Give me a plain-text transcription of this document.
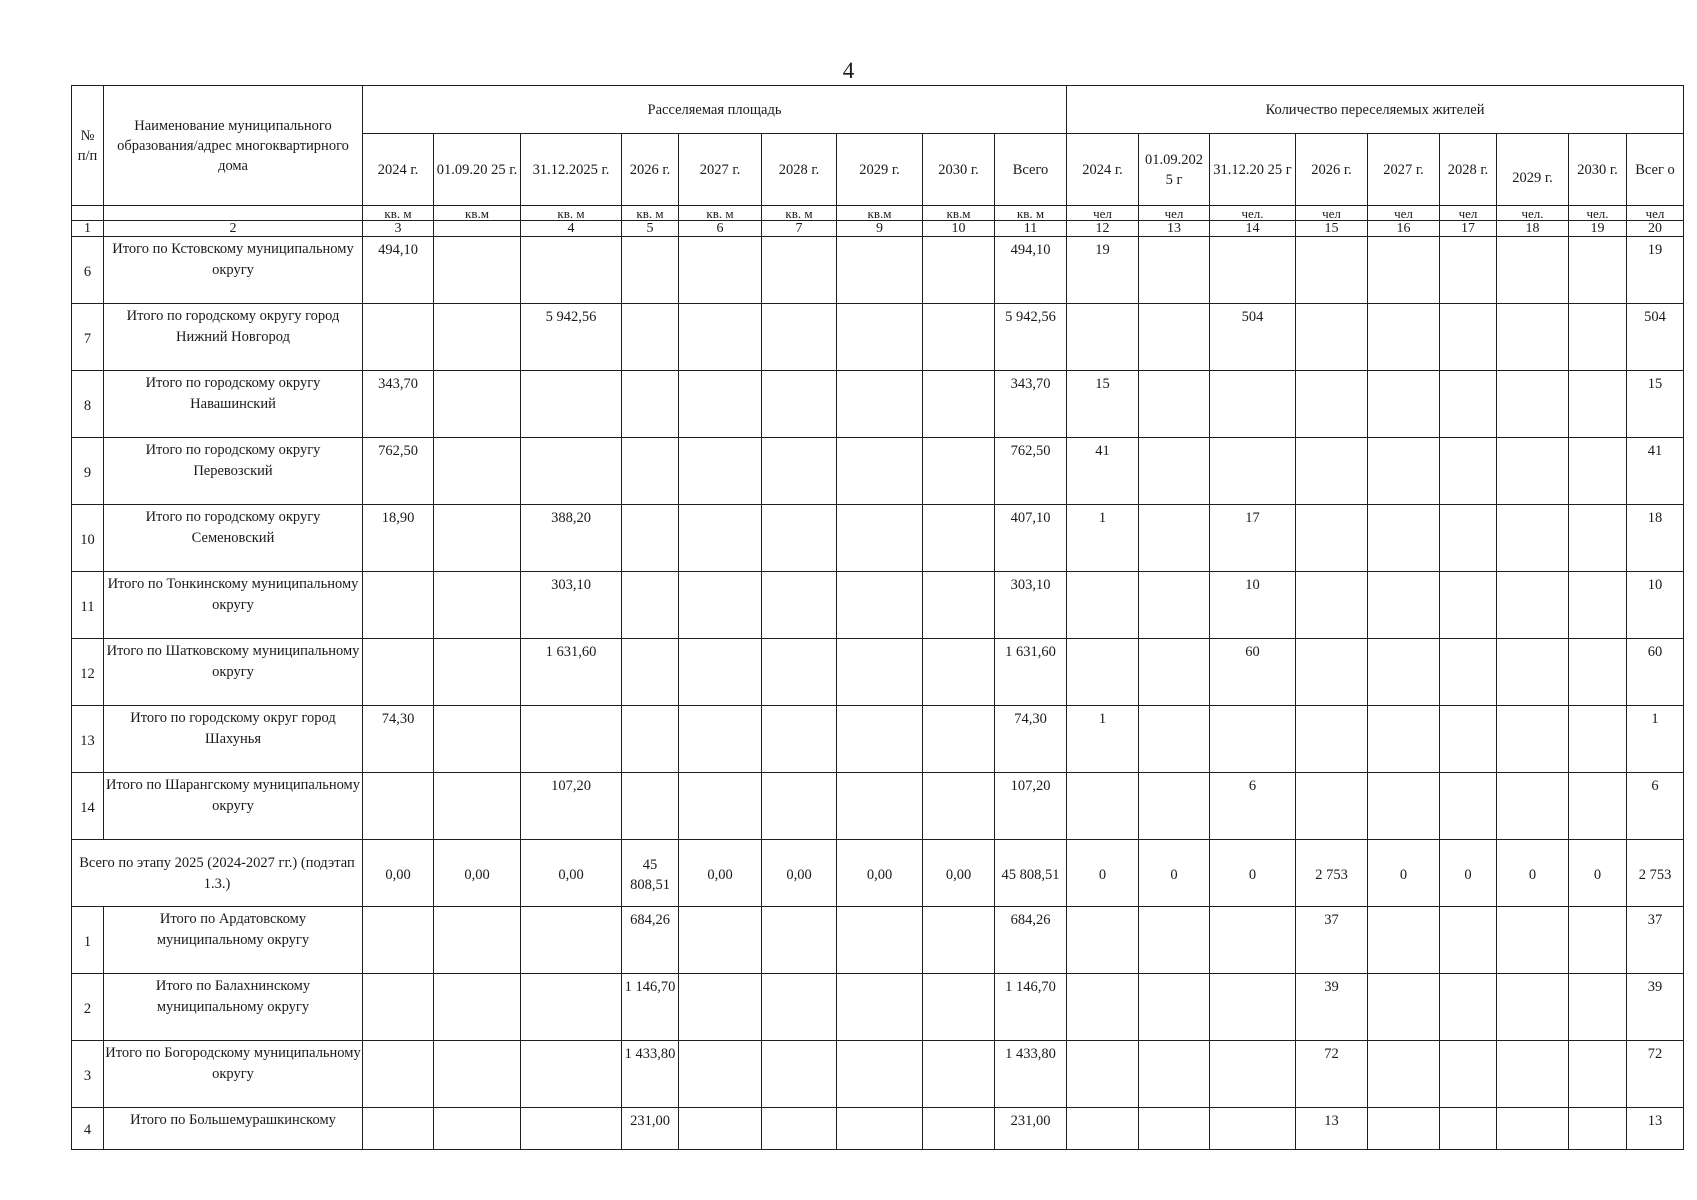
4
№ п/п	Наименование муниципального образования/адрес многоквартирного дома	Расселяемая площадь									Количество переселяемых жителей								
		2024 г.	01.09.20 25 г.	31.12.2025 г.	2026 г.	2027 г.	2028 г.	2029 г.	2030 г.	Всего	2024 г.	01.09.202 5 г	31.12.20 25 г	2026 г.	2027 г.	2028 г.	2029 г.	2030 г.	Всег о
		кв. м	кв.м	кв. м	кв. м	кв. м	кв. м	кв.м	кв.м	кв. м	чел	чел	чел.	чел	чел	чел	чел.	чел.	чел
1	2	3		4	5	6	7	9	10	11	12	13	14	15	16	17	18	19	20
6	Итого по Кстовскому муниципальному округу	494,10								494,10	19								19
7	Итого по городскому округу город Нижний Новгород			5 942,56						5 942,56			504						504
8	Итого по городскому округу Навашинский	343,70								343,70	15								15
9	Итого по городскому округу Перевозский	762,50								762,50	41								41
10	Итого по городскому округу Семеновский	18,90		388,20						407,10	1		17						18
11	Итого по Тонкинскому муниципальному округу			303,10						303,10			10						10
12	Итого по Шатковскому муниципальному округу			1 631,60						1 631,60			60						60
13	Итого по городскому округ город Шахунья	74,30								74,30	1								1
14	Итого по Шарангскому муниципальному округу			107,20						107,20			6						6
Всего по этапу 2025 (2024-2027 гг.) (подэтап 1.3.)		0,00	0,00	0,00	45 808,51	0,00	0,00	0,00	0,00	45 808,51	0	0	0	2 753	0	0	0	0	2 753
1	Итого по Ардатовскому муниципальному округу				684,26					684,26				37					37
2	Итого по Балахнинскому муниципальному округу				1 146,70					1 146,70				39					39
3	Итого по Богородскому муниципальному округу				1 433,80					1 433,80				72					72
4	Итого по Большемурашкинскому				231,00					231,00				13					13
